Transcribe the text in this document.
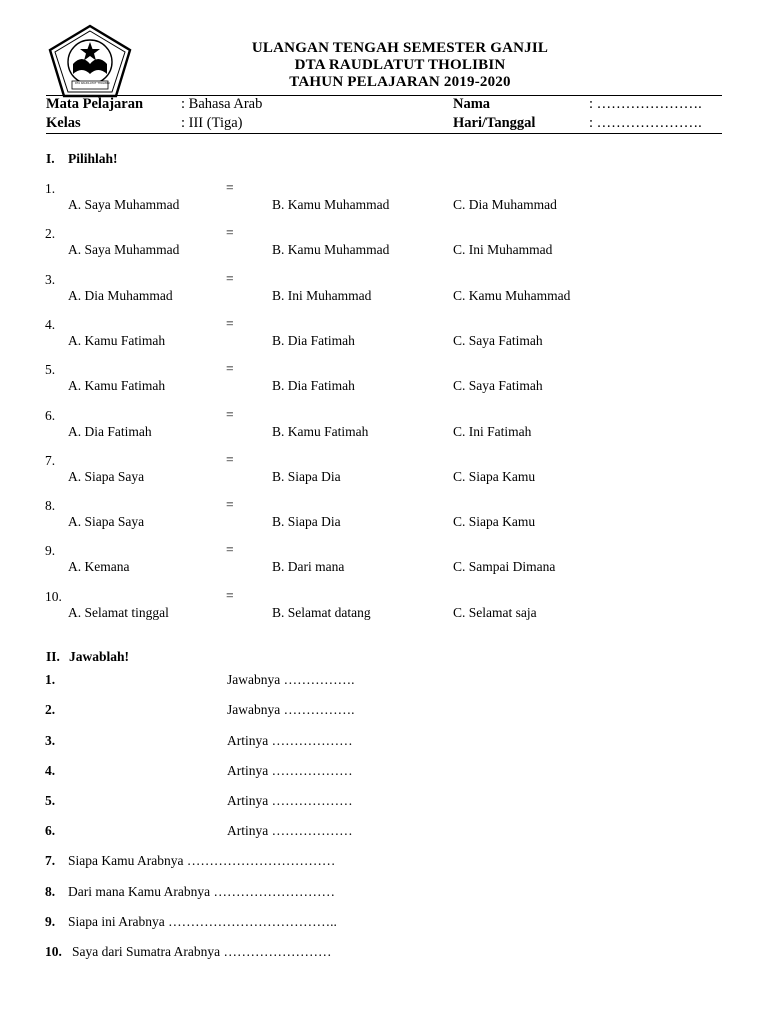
DTA RAUDLATUT THOLIBIN
ULANGAN TENGAH SEMESTER GANJIL
DTA RAUDLATUT THOLIBIN
TAHUN PELAJARAN 2019-2020
Mata Pelajaran	: Bahasa Arab	Nama	: ………………….
Kelas	: III (Tiga)	Hari/Tanggal	: ………………….
I. Pilihlah!
1.	=
A. Saya Muhammad	B. Kamu Muhammad	C. Dia Muhammad
2.	=
A. Saya Muhammad	B. Kamu Muhammad	C. Ini Muhammad
3.	=
A. Dia Muhammad	B. Ini Muhammad	C. Kamu Muhammad
4.	=
A. Kamu Fatimah	B. Dia Fatimah	C. Saya Fatimah
5.	=
A. Kamu Fatimah	B. Dia Fatimah	C. Saya Fatimah
6.	=
A. Dia Fatimah	B. Kamu Fatimah	C. Ini Fatimah
7.	=
A. Siapa Saya	B. Siapa Dia	C. Siapa Kamu
8.	=
A. Siapa Saya	B. Siapa Dia	C. Siapa Kamu
9.	=
A. Kemana	B. Dari mana	C. Sampai Dimana
10.	=
A. Selamat tinggal	B. Selamat datang	C. Selamat saja
II. Jawablah!
1.	Jawabnya …………….
2.	Jawabnya …………….
3.	Artinya ………………
4.	Artinya ………………
5.	Artinya ………………
6.	Artinya ………………
7. Siapa Kamu Arabnya ……………………………
8. Dari mana Kamu Arabnya ………………………
9. Siapa ini Arabnya ………………………………..
10. Saya dari Sumatra Arabnya ……………………
